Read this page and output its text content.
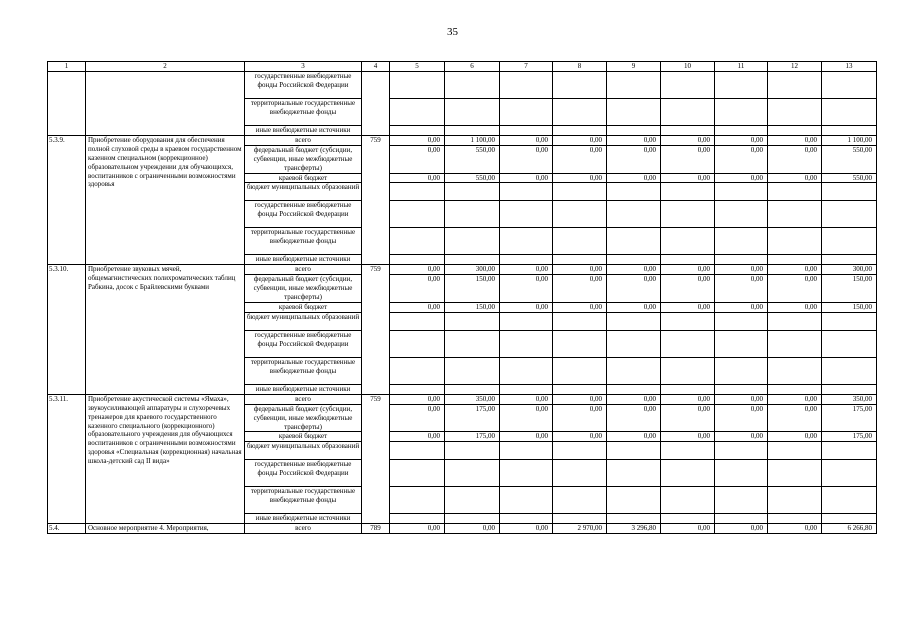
35
1	2	3	4	5	6	7	8	9	10	11	12	13
		государственные внебюджетные фонды Российской Федерации										
		территориальные государственные внебюджетные фонды										
		иные внебюджетные источники										
5.3.9.	Приобретение оборудования для обеспечения полной слуховой среды в краевом государственном казенном специальном (коррекционное) образовательном учреждении для обучающихся, воспитанников с ограниченными возможностями здоровья	всего	759	0,00	1 100,00	0,00	0,00	0,00	0,00	0,00	0,00	1 100,00
		федеральный бюджет (субсидии, субвенции, иные межбюджетные трансферты)		0,00	550,00	0,00	0,00	0,00	0,00	0,00	0,00	550,00
		краевой бюджет		0,00	550,00	0,00	0,00	0,00	0,00	0,00	0,00	550,00
		бюджет муниципальных образований										
		государственные внебюджетные фонды Российской Федерации										
		территориальные государственные внебюджетные фонды										
		иные внебюджетные источники										
5.3.10.	Приобретение звуковых мячей, общемагнистических полихроматических таблиц Рабкина, досок с Брайлевскими буквами	всего	759	0,00	300,00	0,00	0,00	0,00	0,00	0,00	0,00	300,00
		федеральный бюджет (субсидии, субвенции, иные межбюджетные трансферты)		0,00	150,00	0,00	0,00	0,00	0,00	0,00	0,00	150,00
		краевой бюджет		0,00	150,00	0,00	0,00	0,00	0,00	0,00	0,00	150,00
		бюджет муниципальных образований										
		государственные внебюджетные фонды Российской Федерации										
		территориальные государственные внебюджетные фонды										
		иные внебюджетные источники										
5.3.11.	Приобретение акустической системы «Ямаха», звукоусиливающей аппаратуры и слухоречевых тренажеров для краевого государственного казенного специального (коррекционного) образовательного учреждения для обучающихся воспитанников с ограниченными возможностями здоровья «Специальная (коррекционная) начальная школа-детский сад II вида»	всего	759	0,00	350,00	0,00	0,00	0,00	0,00	0,00	0,00	350,00
		федеральный бюджет (субсидии, субвенции, иные межбюджетные трансферты)		0,00	175,00	0,00	0,00	0,00	0,00	0,00	0,00	175,00
		краевой бюджет		0,00	175,00	0,00	0,00	0,00	0,00	0,00	0,00	175,00
		бюджет муниципальных образований										
		государственные внебюджетные фонды Российской Федерации										
		территориальные государственные внебюджетные фонды										
		иные внебюджетные источники										
5.4.	Основное мероприятие 4. Мероприятия,	всего	789	0,00	0,00	0,00	2 970,00	3 296,80	0,00	0,00	0,00	6 266,80
